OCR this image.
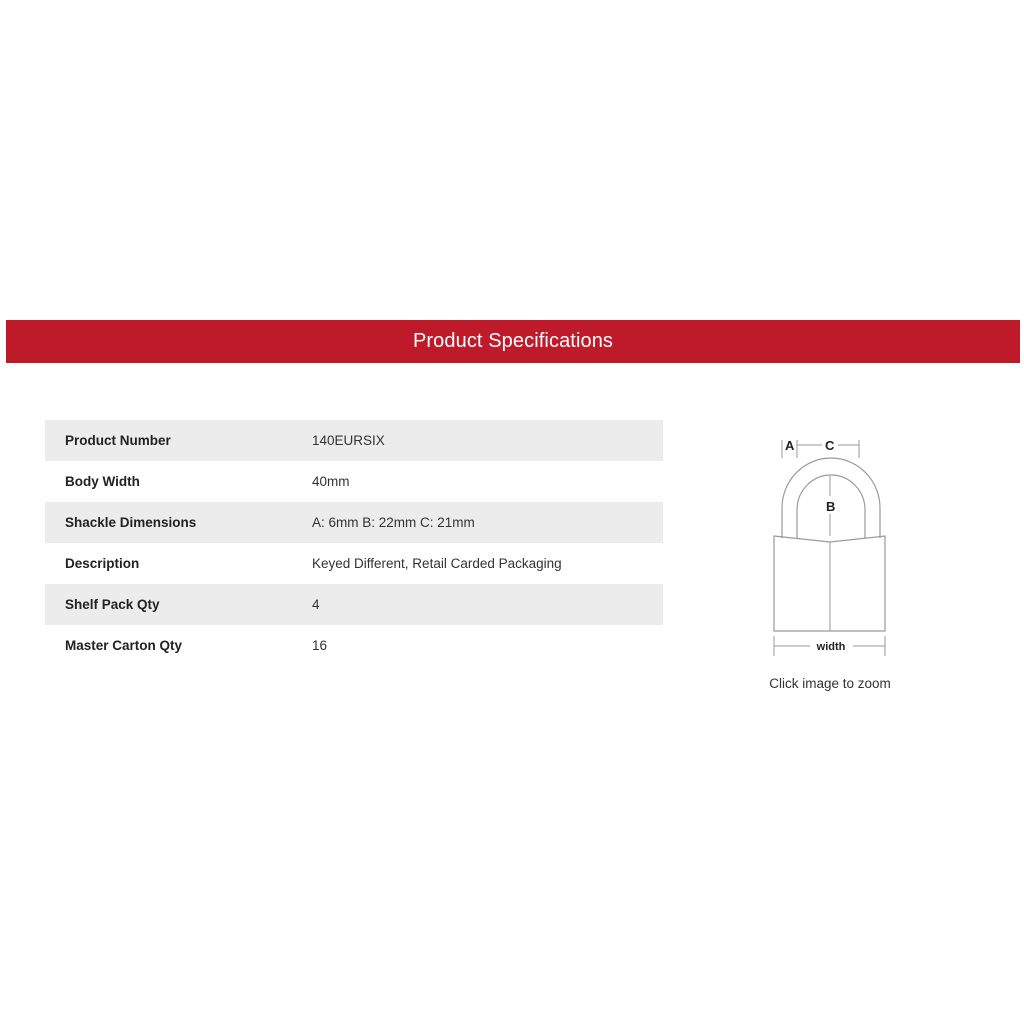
Product Specifications
Product Number	140EURSIX
Body Width	40mm
Shackle Dimensions	A: 6mm B: 22mm C: 21mm
Description	Keyed Different, Retail Carded Packaging
Shelf Pack Qty	4
Master Carton Qty	16
A C
B
width
Click image to zoom
